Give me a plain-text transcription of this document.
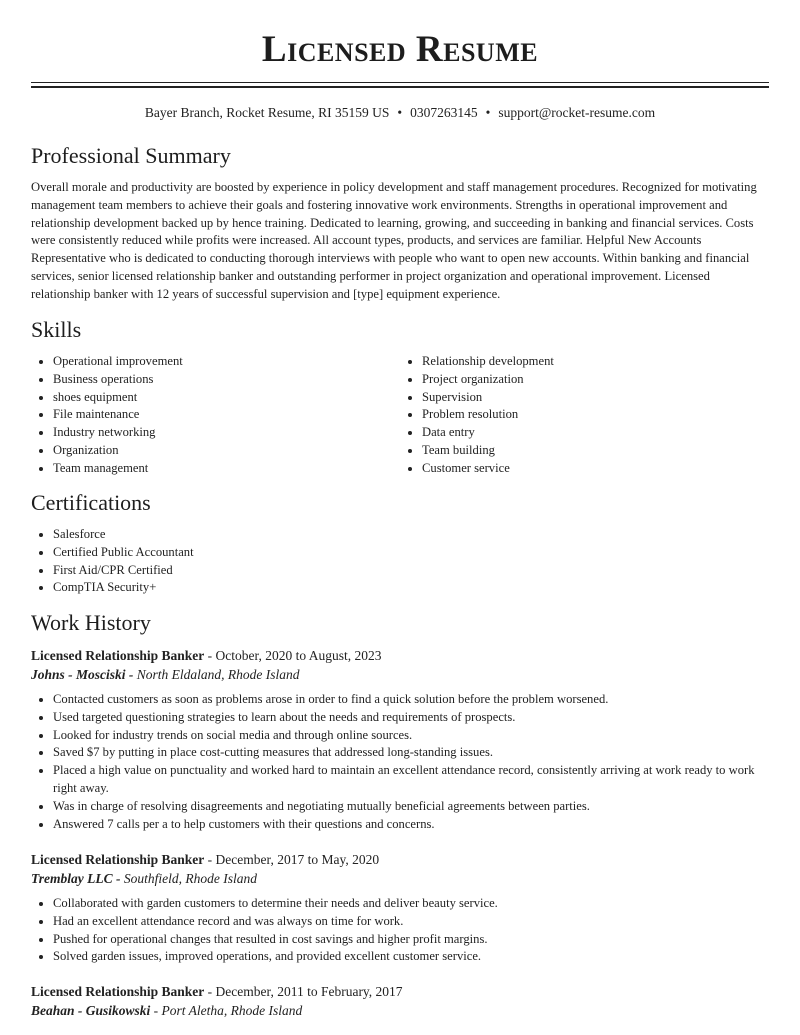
Licensed Resume
Bayer Branch, Rocket Resume, RI 35159 US • 0307263145 • support@rocket-resume.com
Professional Summary

Overall morale and productivity are boosted by experience in policy development and staff management procedures. Recognized for motivating management team members to achieve their goals and fostering innovative work environments. Strengths in operational improvement and relationship development backed up by hence training. Dedicated to learning, growing, and succeeding in banking and financial services. Costs were consistently reduced while profits were increased. All account types, products, and services are familiar. Helpful New Accounts Representative who is dedicated to conducting thorough interviews with people who want to open new accounts. Within banking and financial services, senior licensed relationship banker and outstanding performer in project organization and operational improvement. Licensed relationship banker with 12 years of successful supervision and [type] equipment experience.

Skills
• Operational improvement
• Business operations
• shoes equipment
• File maintenance
• Industry networking
• Organization
• Team management
• Relationship development
• Project organization
• Supervision
• Problem resolution
• Data entry
• Team building
• Customer service
Certifications
• Salesforce
• Certified Public Accountant
• First Aid/CPR Certified
• CompTIA Security+
Work History
Licensed Relationship Banker - October, 2020 to August, 2023
Johns - Mosciski - North Eldaland, Rhode Island
• Contacted customers as soon as problems arose in order to find a quick solution before the problem worsened.
• Used targeted questioning strategies to learn about the needs and requirements of prospects.
• Looked for industry trends on social media and through online sources.
• Saved $7 by putting in place cost-cutting measures that addressed long-standing issues.
• Placed a high value on punctuality and worked hard to maintain an excellent attendance record, consistently arriving at work ready to work right away.
• Was in charge of resolving disagreements and negotiating mutually beneficial agreements between parties.
• Answered 7 calls per a to help customers with their questions and concerns.
Licensed Relationship Banker - December, 2017 to May, 2020
Tremblay LLC - Southfield, Rhode Island
• Collaborated with garden customers to determine their needs and deliver beauty service.
• Had an excellent attendance record and was always on time for work.
• Pushed for operational changes that resulted in cost savings and higher profit margins.
• Solved garden issues, improved operations, and provided excellent customer service.
Licensed Relationship Banker - December, 2011 to February, 2017
Beahan - Gusikowski - Port Aletha, Rhode Island
